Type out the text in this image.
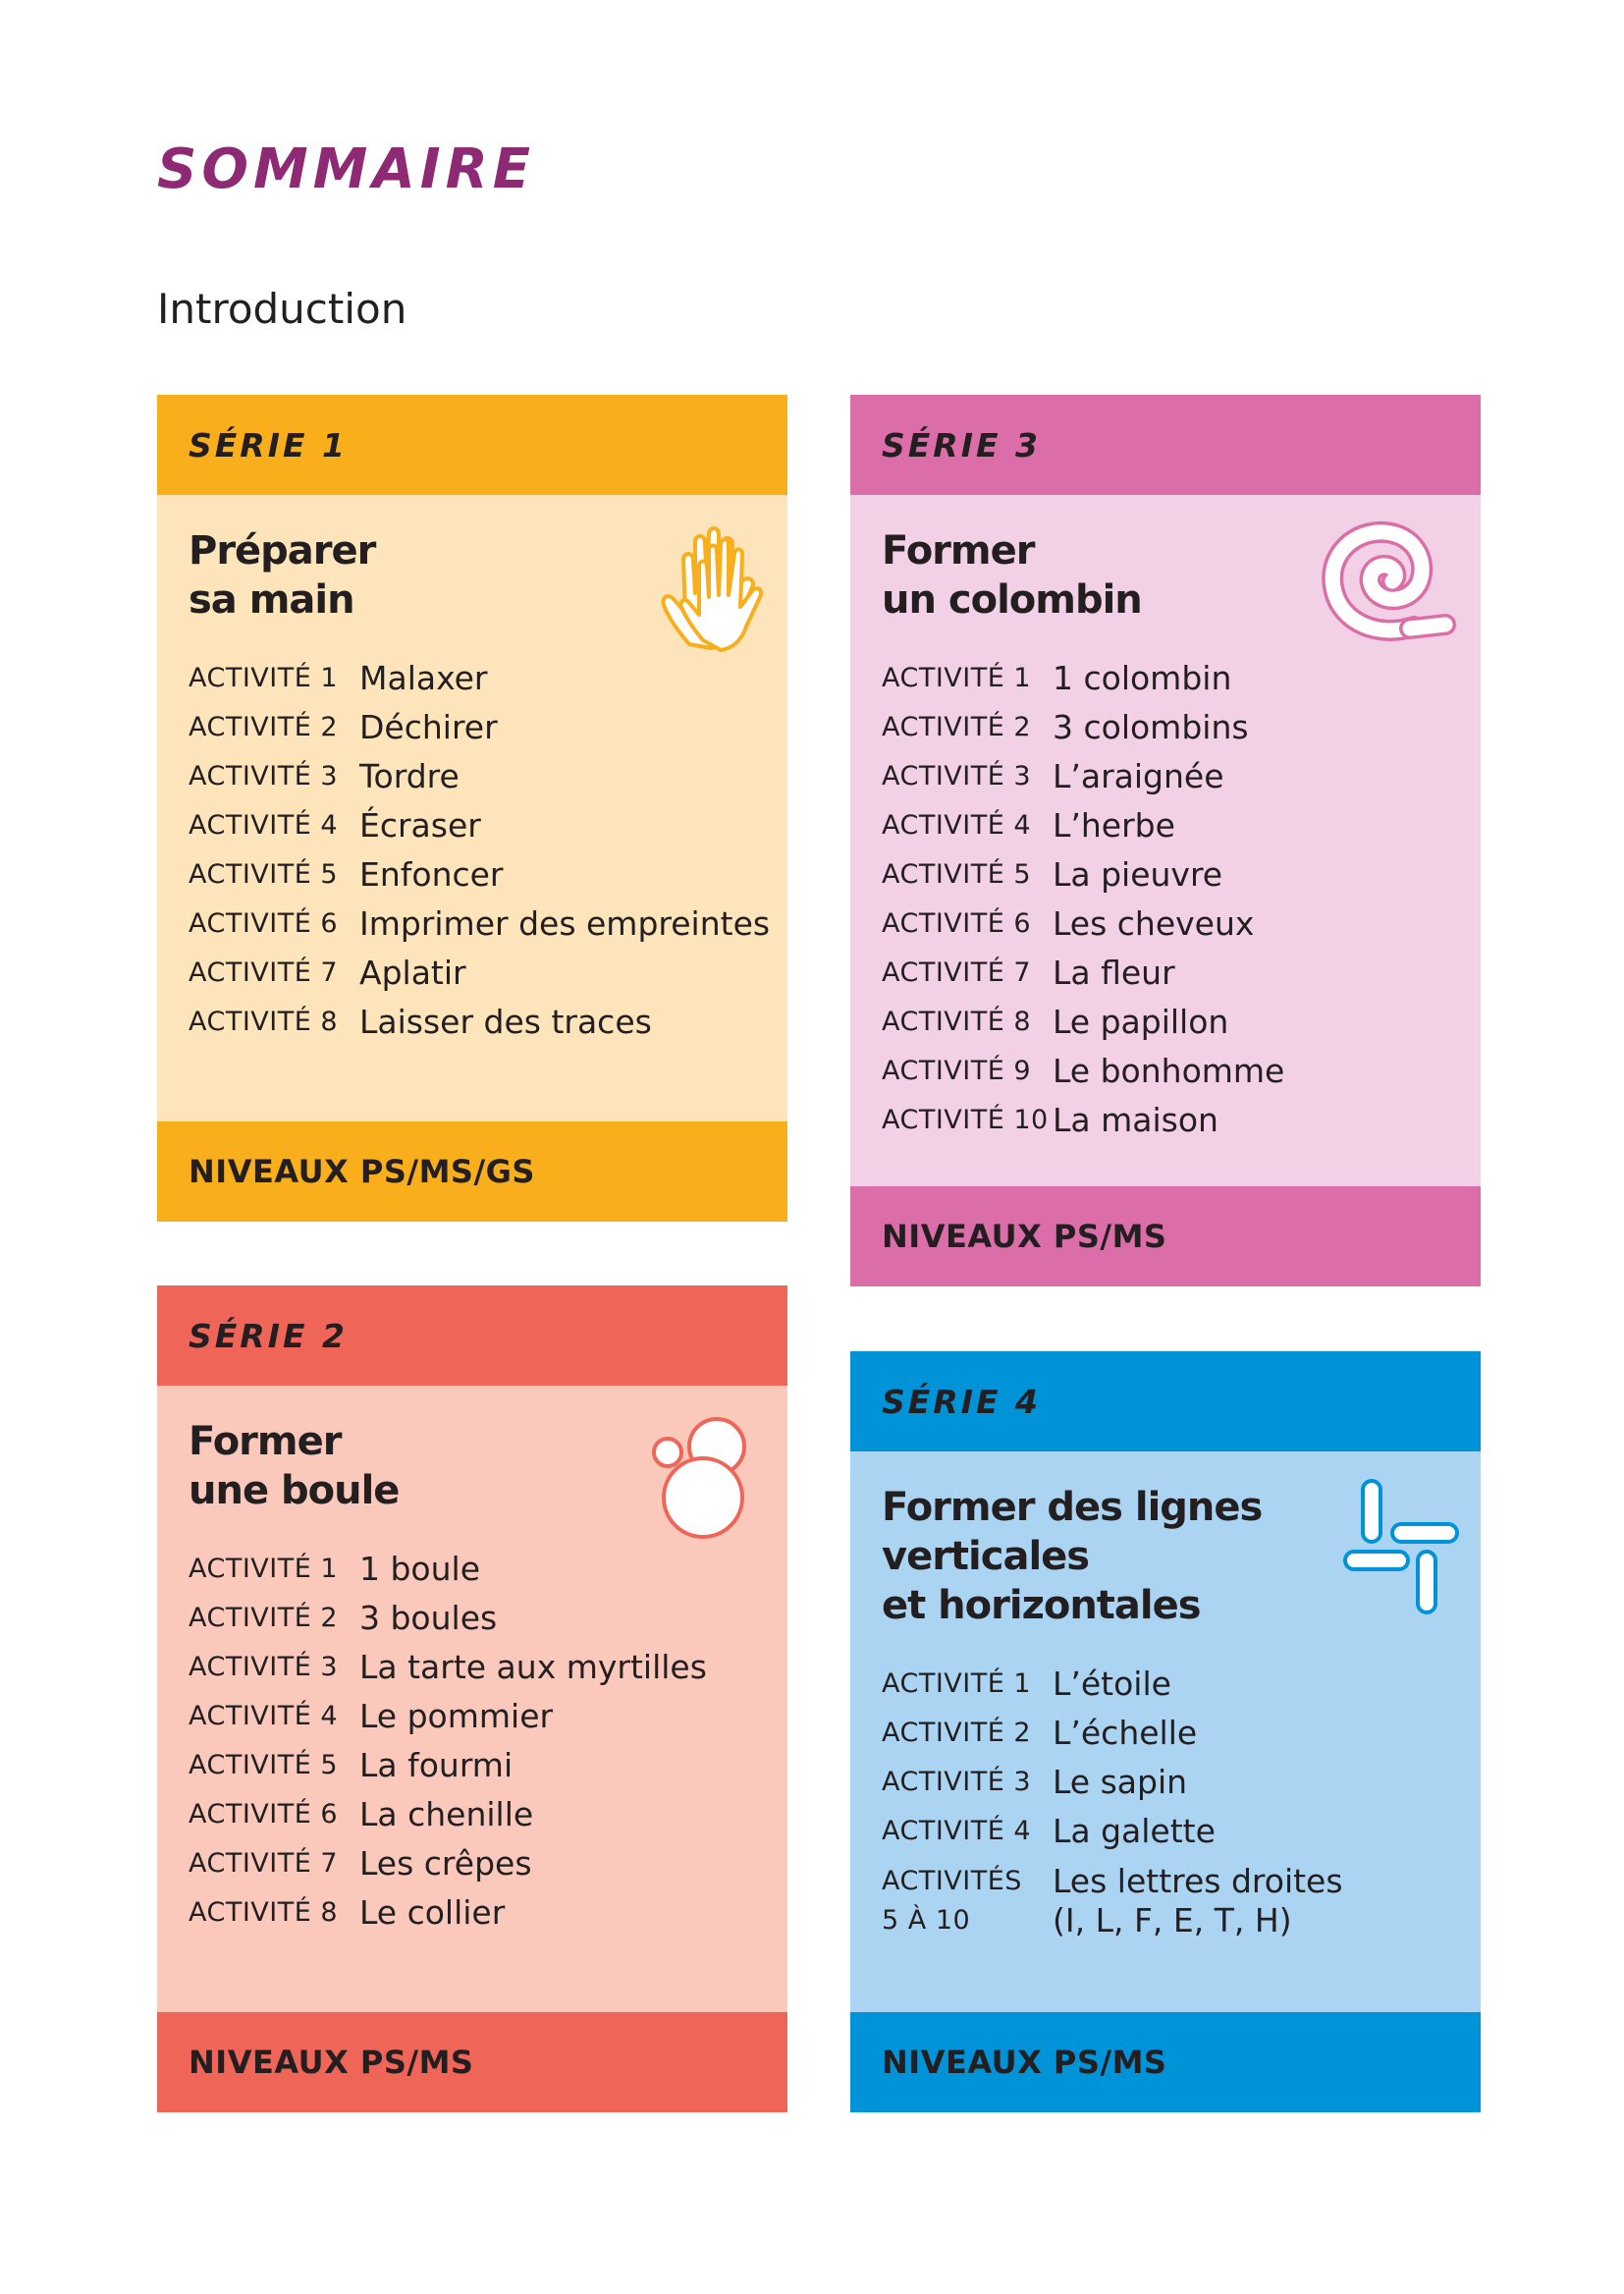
SOMMAIRE
Introduction
SÉRIE 1
Préparer
sa main
ACTIVITÉ 1 Malaxer
ACTIVITÉ 2 Déchirer
ACTIVITÉ 3 Tordre
ACTIVITÉ 4 Écraser
ACTIVITÉ 5 Enfoncer
ACTIVITÉ 6 Imprimer des empreintes
ACTIVITÉ 7 Aplatir
ACTIVITÉ 8 Laisser des traces
NIVEAUX PS/MS/GS
SÉRIE 2
Former
une boule
ACTIVITÉ 1 1 boule
ACTIVITÉ 2 3 boules
ACTIVITÉ 3 La tarte aux myrtilles
ACTIVITÉ 4 Le pommier
ACTIVITÉ 5 La fourmi
ACTIVITÉ 6 La chenille
ACTIVITÉ 7 Les crêpes
ACTIVITÉ 8 Le collier
NIVEAUX PS/MS
SÉRIE 3
Former
un colombin
ACTIVITÉ 1 1 colombin
ACTIVITÉ 2 3 colombins
ACTIVITÉ 3 L’araignée
ACTIVITÉ 4 L’herbe
ACTIVITÉ 5 La pieuvre
ACTIVITÉ 6 Les cheveux
ACTIVITÉ 7 La fleur
ACTIVITÉ 8 Le papillon
ACTIVITÉ 9 Le bonhomme
ACTIVITÉ 10 La maison
NIVEAUX PS/MS
SÉRIE 4
Former des lignes
verticales
et horizontales
ACTIVITÉ 1 L’étoile
ACTIVITÉ 2 L’échelle
ACTIVITÉ 3 Le sapin
ACTIVITÉ 4 La galette
ACTIVITÉS
5 À 10
Les lettres droites
(I, L, F, E, T, H)
NIVEAUX PS/MS
